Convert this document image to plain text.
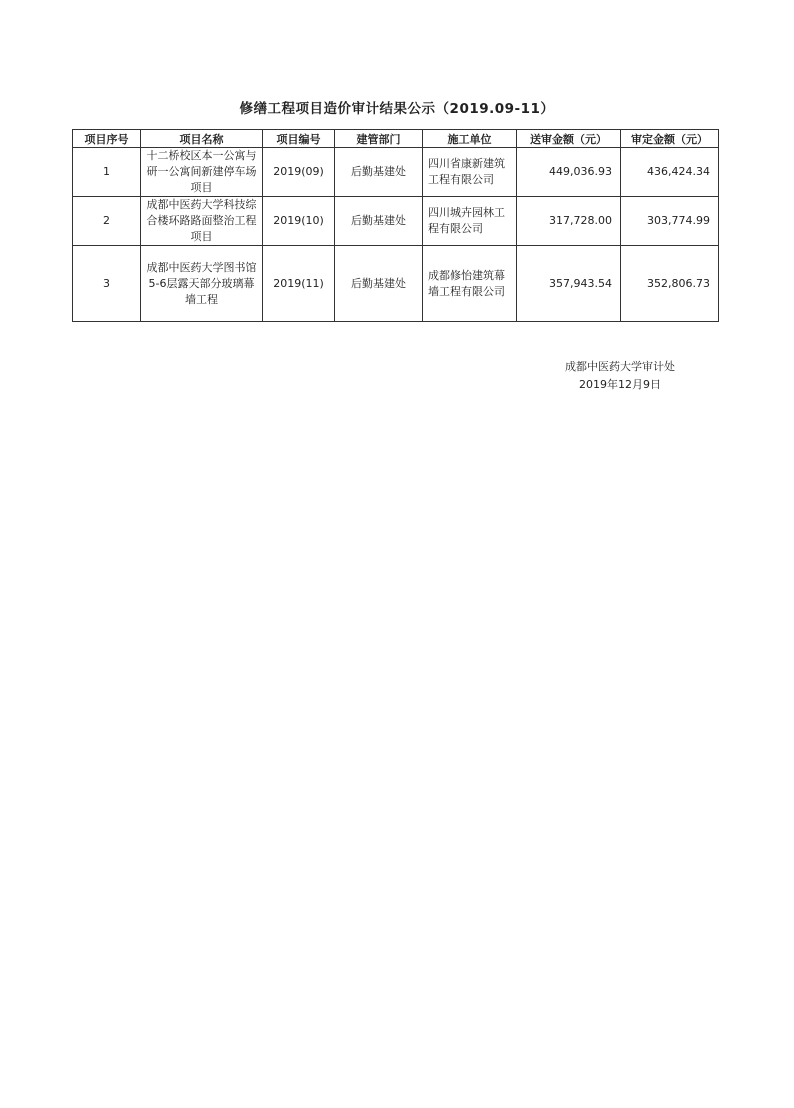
修缮工程项目造价审计结果公示（2019.09-11）
项目序号	项目名称	项目编号	建管部门	施工单位	送审金额（元）	审定金额（元）
1	十二桥校区本一公寓与研一公寓间新建停车场项目	2019(09)	后勤基建处	四川省康新建筑工程有限公司	449,036.93	436,424.34
2	成都中医药大学科技综合楼环路路面整治工程项目	2019(10)	后勤基建处	四川城卉园林工程有限公司	317,728.00	303,774.99
3	成都中医药大学图书馆5-6层露天部分玻璃幕墙工程	2019(11)	后勤基建处	成都修怡建筑幕墙工程有限公司	357,943.54	352,806.73
成都中医药大学审计处
2019年12月9日
